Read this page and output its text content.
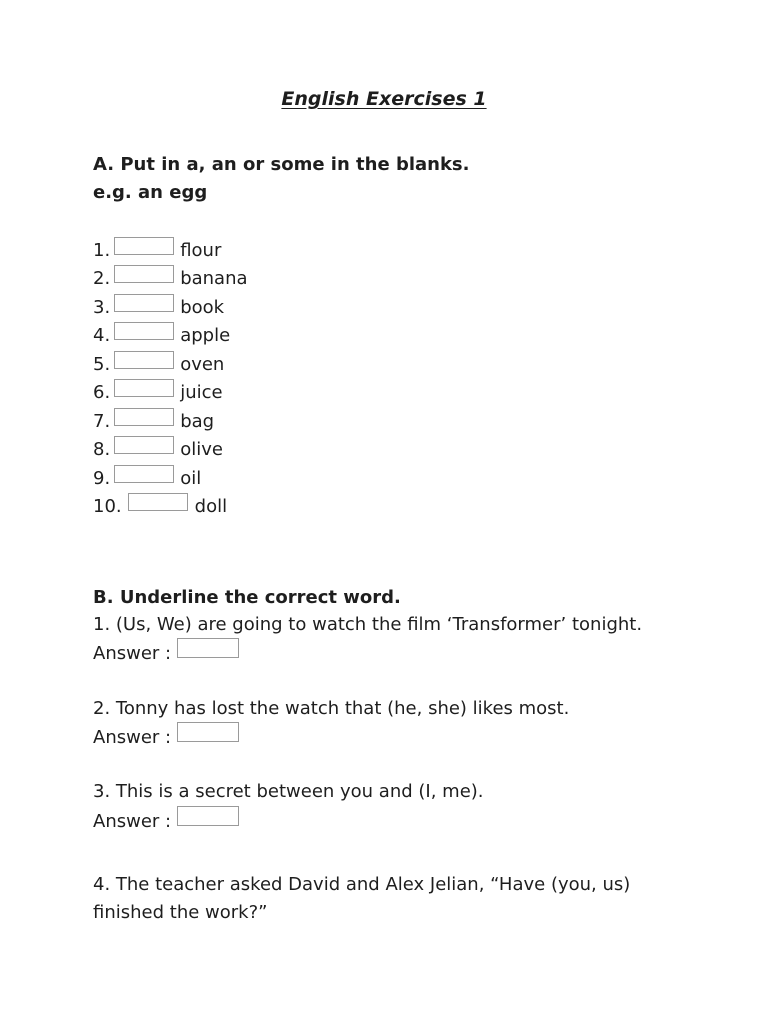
English Exercises 1
A. Put in a, an or some in the blanks.
e.g. an egg
1.	flour
2.	banana
3.	book
4.	apple
5.	oven
6.	juice
7.	bag
8.	olive
9.	oil
10.	doll
B. Underline the correct word.
1. (Us, We) are going to watch the film ‘Transformer’ tonight.
Answer :
2. Tonny has lost the watch that (he, she) likes most.
Answer :
3. This is a secret between you and (I, me).
Answer :
4. The teacher asked David and Alex Jelian, “Have (you, us)
finished the work?”
